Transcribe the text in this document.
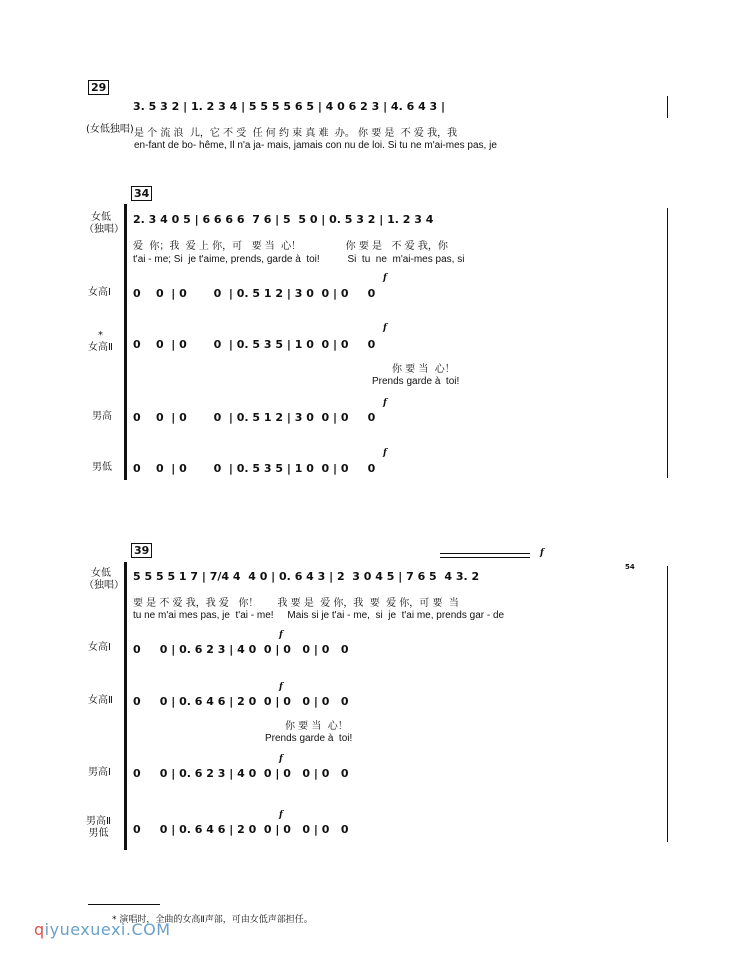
29
3. 5 3 2 | 1. 2 3 4 | 5 5 5 5 6 5 | 4 0 6 2 3 | 4. 6 4 3 |
(女低独唱) 是 个 流 浪  儿，它 不 受  任 何 约 束 真 难  办。 你 要 是  不 爱 我，我
en-fant de bo- hême, Il n'a ja- mais, jamais con nu de loi. Si tu ne m'ai-mes pas, je
34
女低
（独唱）
2. 3 4 0 5 | 6 6 6 6  7 6 | 5  5 0 | 0. 5 3 2 | 1. 2 3 4
爱  你；我  爱 上 你，可   要 当  心！              你 要 是   不 爱 我，你
t'ai - me; Si  je t'aime, prends, garde à  toi!          Si  tu  ne  m'ai-mes pas, si
女高Ⅰ
f
0    0  | 0       0  | 0. 5 1 2 | 3 0  0 | 0     0
*
女高Ⅱ
f
0    0  | 0       0  | 0. 5 3 5 | 1 0  0 | 0     0
你 要 当  心！
Prends garde à  toi!
男高
f
0    0  | 0       0  | 0. 5 1 2 | 3 0  0 | 0     0
男低
f
0    0  | 0       0  | 0. 5 3 5 | 1 0  0 | 0     0
39
女低
（独唱）
f
54
5 5 5 5 1 7 | 7/4 4  4 0 | 0. 6 4 3 | 2  3 0 4 5 | 7 6 5  4 3. 2
要 是 不 爱 我，我 爱   你！      我 要 是  爱 你，我  要  爱 你，可 要  当
tu ne m'ai mes pas, je  t'ai - me!     Mais si je t'ai - me,  si  je  t'ai me, prends gar - de
女高Ⅰ
f
0     0 | 0. 6 2 3 | 4 0  0 | 0   0 | 0   0
女高Ⅱ
f
0     0 | 0. 6 4 6 | 2 0  0 | 0   0 | 0   0
你 要 当  心！
Prends garde à  toi!
男高Ⅰ
f
0     0 | 0. 6 2 3 | 4 0  0 | 0   0 | 0   0
男高Ⅱ
男低
f
0     0 | 0. 6 4 6 | 2 0  0 | 0   0 | 0   0
* 演唱时，全曲的女高Ⅱ声部，可由女低声部担任。
qiyuexuexi.COM
